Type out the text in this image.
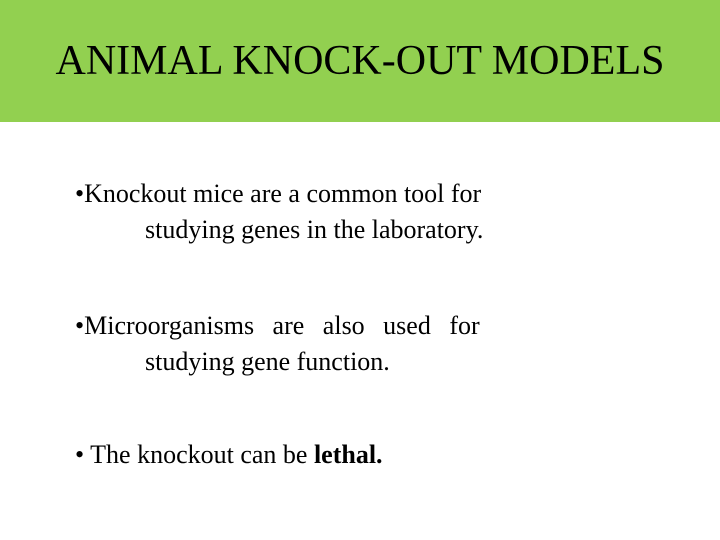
ANIMAL KNOCK-OUT MODELS
•Knockout mice are a common tool for
studying genes in the laboratory.
•Microorganisms are also used for
studying gene function.
• The knockout can be lethal.
